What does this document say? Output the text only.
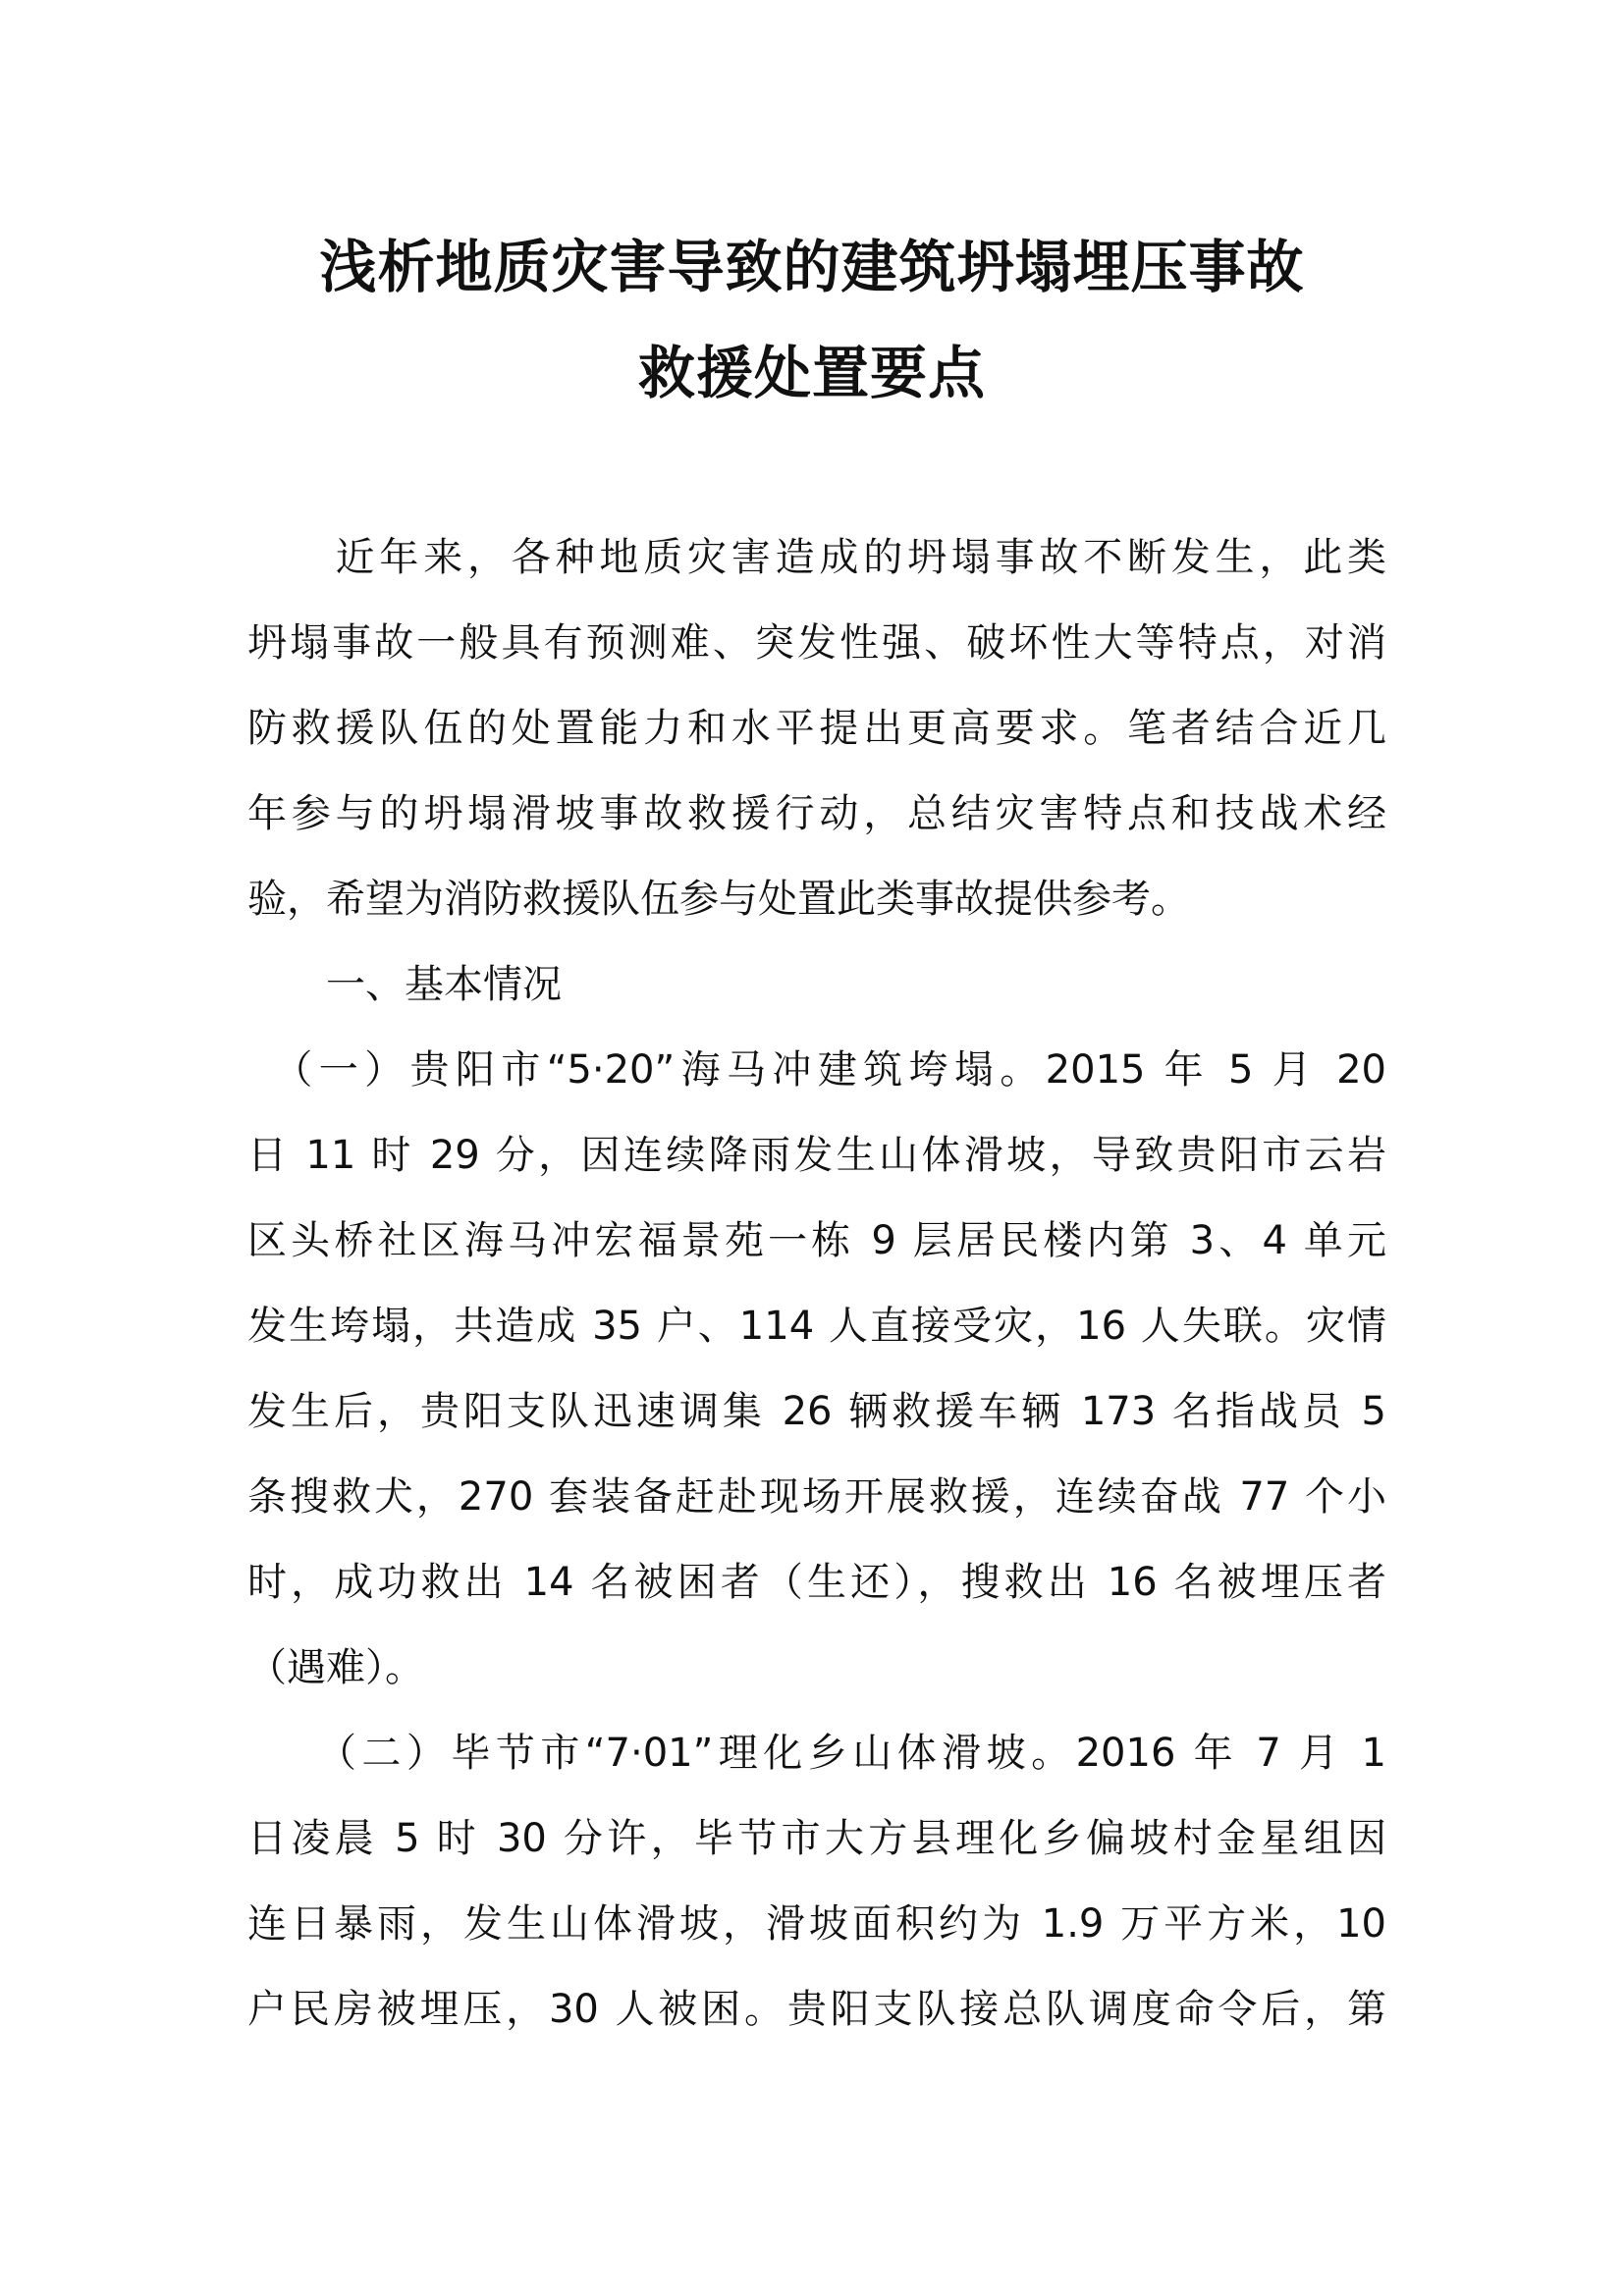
浅析地质灾害导致的建筑坍塌埋压事故
救援处置要点
　　近年来，各种地质灾害造成的坍塌事故不断发生，此类
坍塌事故一般具有预测难、突发性强、破坏性大等特点，对消
防救援队伍的处置能力和水平提出更高要求。笔者结合近几
年参与的坍塌滑坡事故救援行动，总结灾害特点和技战术经
验，希望为消防救援队伍参与处置此类事故提供参考。
　　一、基本情况
　（一）贵阳市“5·20”海马冲建筑垮塌。2015 年 5 月 20
日 11 时 29 分，因连续降雨发生山体滑坡，导致贵阳市云岩
区头桥社区海马冲宏福景苑一栋 9 层居民楼内第 3、4 单元
发生垮塌，共造成 35 户、114 人直接受灾，16 人失联。灾情
发生后，贵阳支队迅速调集 26 辆救援车辆 173 名指战员 5
条搜救犬，270 套装备赶赴现场开展救援，连续奋战 77 个小
时，成功救出 14 名被困者（生还），搜救出 16 名被埋压者
（遇难）。
　　（二）毕节市“7·01”理化乡山体滑坡。2016 年 7 月 1
日凌晨 5 时 30 分许，毕节市大方县理化乡偏坡村金星组因
连日暴雨，发生山体滑坡，滑坡面积约为 1.9 万平方米，10
户民房被埋压，30 人被困。贵阳支队接总队调度命令后，第
